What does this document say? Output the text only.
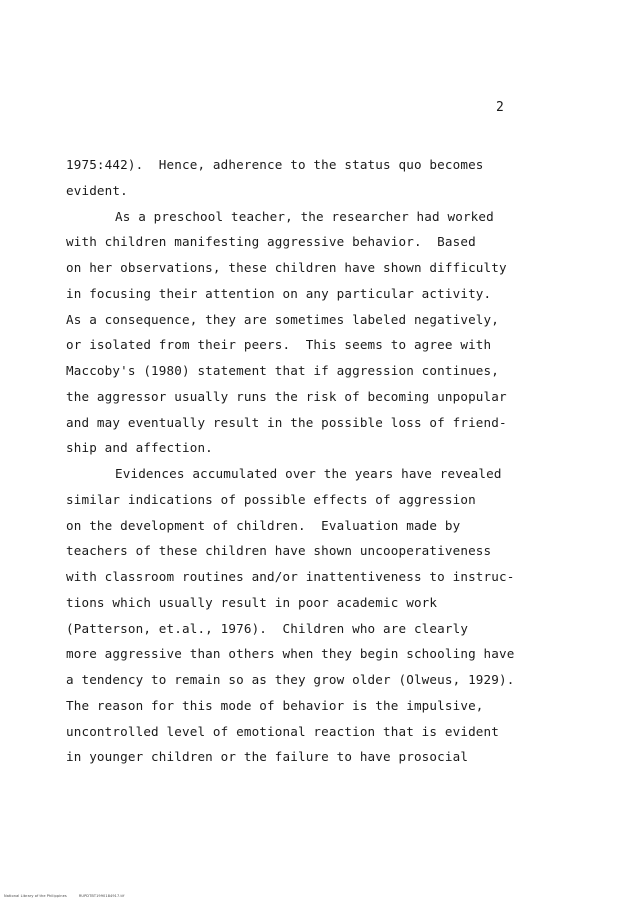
2
1975:442).  Hence, adherence to the status quo becomes
evident.
As a preschool teacher, the researcher had worked
with children manifesting aggressive behavior.  Based
on her observations, these children have shown difficulty
in focusing their attention on any particular activity.
As a consequence, they are sometimes labeled negatively,
or isolated from their peers.  This seems to agree with
Maccoby's (1980) statement that if aggression continues,
the aggressor usually runs the risk of becoming unpopular
and may eventually result in the possible loss of friend-
ship and affection.
Evidences accumulated over the years have revealed
similar indications of possible effects of aggression
on the development of children.  Evaluation made by
teachers of these children have shown uncooperativeness
with classroom routines and/or inattentiveness to instruc-
tions which usually result in poor academic work
(Patterson, et.al., 1976).  Children who are clearly
more aggressive than others when they begin schooling have
a tendency to remain so as they grow older (Olweus, 1929).
The reason for this mode of behavior is the impulsive,
uncontrolled level of emotional reaction that is evident
in younger children or the failure to have prosocial
National Library of the Philippines	RUPDTBT1990184917.tif
